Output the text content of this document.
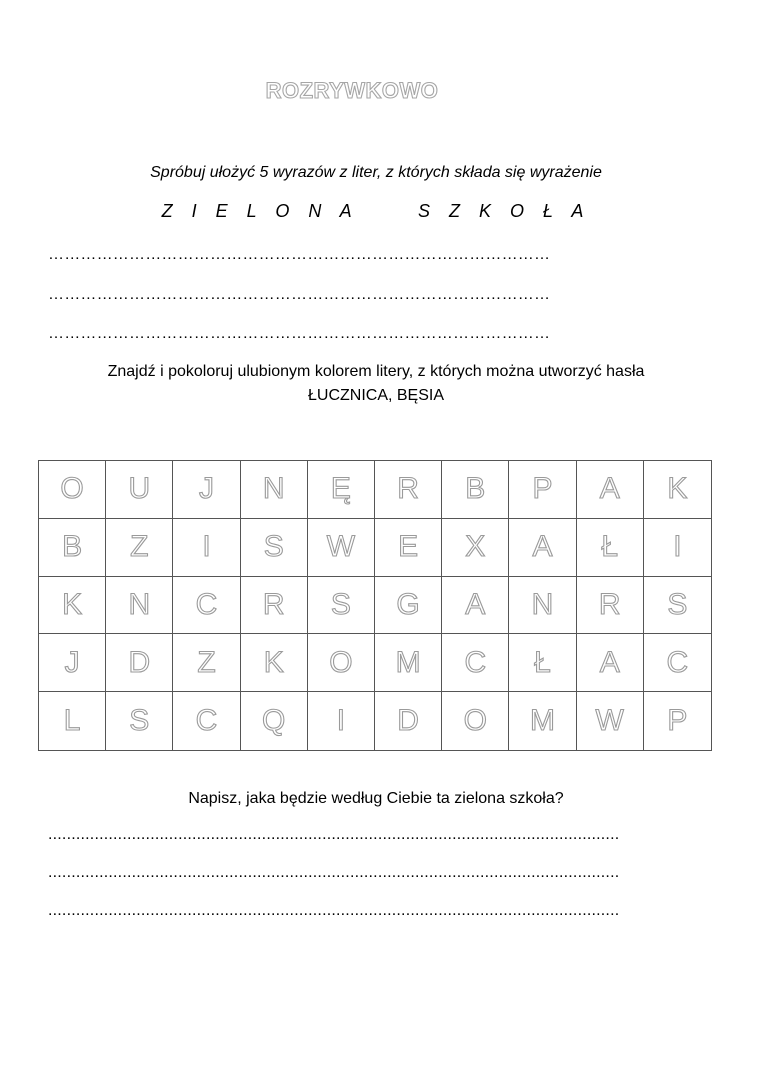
ROZRYWKOWO
Spróbuj ułożyć 5 wyrazów z liter, z których składa się wyrażenie
Z I E L O N A     S Z K O Ł A
…………………………………………………………………………………
…………………………………………………………………………………
…………………………………………………………………………………
Znajdź i pokoloruj ulubionym kolorem litery, z których można utworzyć hasła
ŁUCZNICA, BĘSIA
O	U	J	N	Ę	R	B	P	A	K
B	Z	I	S	W	E	X	A	Ł	I
K	N	C	R	S	G	A	N	R	S
J	D	Z	K	O	M	C	Ł	A	C
L	S	C	Q	I	D	O	M	W	P
Napisz, jaka będzie według Ciebie ta zielona szkoła?
...........................................................................................................................
...........................................................................................................................
...........................................................................................................................
